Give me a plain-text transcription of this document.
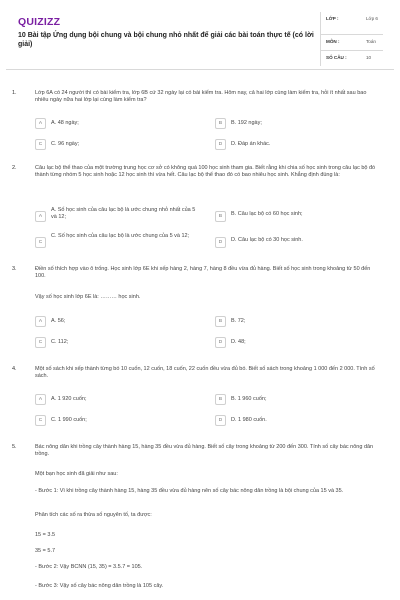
QUIZIZZ
10 Bài tập Ứng dụng bội chung và bội chung nhỏ nhất để giải các bài toán thực tế (có lời giải)
LỚP :	Lớp 6
MÔN :	Toán
SỐ CÂU :	10
1.	Lớp 6A có 24 người thì có bài kiểm tra, lớp 6B cứ 32 ngày lại có bài kiểm tra. Hôm nay, cả hai lớp cùng làm kiểm tra, hỏi ít nhất sau bao nhiêu ngày nữa hai lớp lại cùng làm kiểm tra?
A	A. 48 ngày;	B	B. 192 ngày;
C	C. 96 ngày;	D	D. Đáp án khác.
2.	Câu lạc bộ thể thao của một trường trung học cơ sở có không quá 100 học sinh tham gia. Biết rằng khi chia số học sinh trong câu lạc bộ đó thành từng nhóm 5 học sinh hoặc 12 học sinh thì vừa hết. Câu lạc bộ thể thao đó có bao nhiêu học sinh. Khẳng định đúng là:
A
A. Số học sinh của câu lạc bộ là ước chung nhỏ nhất của 5 và 12;	B	B. Câu lạc bộ có 60 học sinh;
C
C. Số học sinh của câu lạc bộ là ước chung của 5 và 12;
D	D. Câu lạc bộ có 30 học sinh.
3.	Điền số thích hợp vào ô trống. Học sinh lớp 6E khi xếp hàng 2, hàng 7, hàng 8 đều vừa đủ hàng. Biết số học sinh trong khoảng từ 50 đến 100.
Vậy số học sinh lớp 6E là: ……… học sinh.
A	A. 56;	B	B. 72;
C	C. 112;	D	D. 48;
4.	Một số sách khi xếp thành từng bó 10 cuốn, 12 cuốn, 18 cuốn, 22 cuốn đều vừa đủ bó. Biết số sách trong khoảng 1 000 đến 2 000. Tính số sách.
A	A. 1 920 cuốn;	B	B. 1 960 cuốn;
C	C. 1 990 cuốn;	D	D. 1 980 cuốn.
5.	Bác nông dân khi trồng cây thành hàng 15, hàng 35 đều vừa đủ hàng. Biết số cây trong khoảng từ 200 đến 300. Tính số cây bác nông dân trồng.
Một bạn học sinh đã giải như sau:
- Bước 1: Vì khi trồng cây thành hàng 15, hàng 35 đều vừa đủ hàng nên số cây bác nông dân trồng là bội chung của 15 và 35.
Phân tích các số ra thừa số nguyên tố, ta được:
15 = 3.5
35 = 5.7
- Bước 2: Vậy BCNN (15, 35) = 3.5.7 = 105.
- Bước 3: Vậy số cây bác nông dân trồng là 105 cây.
